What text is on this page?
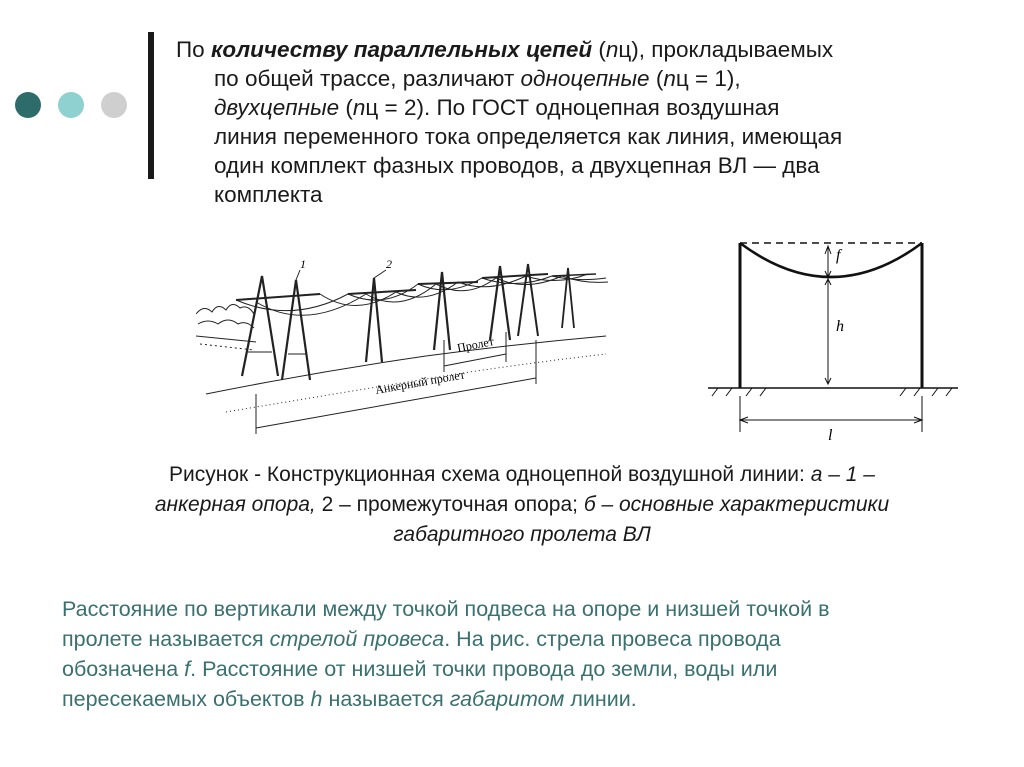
По количеству параллельных цепей (nц), прокладываемых
по общей трассе, различают одноцепные (nц = 1),
двухцепные (nц = 2). По ГОСТ одноцепная воздушная
линия переменного тока определяется как линия, имеющая
один комплект фазных проводов, а двухцепная ВЛ — два
комплекта

1	2
Пролет
Анкерный пролет
f
h
l

Рисунок - Конструкционная схема одноцепной воздушной линии: а – 1 –
анкерная опора, 2 – промежуточная опора; б – основные характеристики
габаритного пролета ВЛ

Расстояние по вертикали между точкой подвеса на опоре и низшей точкой в
пролете называется стрелой провеса. На рис. стрела провеса провода
обозначена f. Расстояние от низшей точки провода до земли, воды или
пересекаемых объектов h называется габаритом линии.
